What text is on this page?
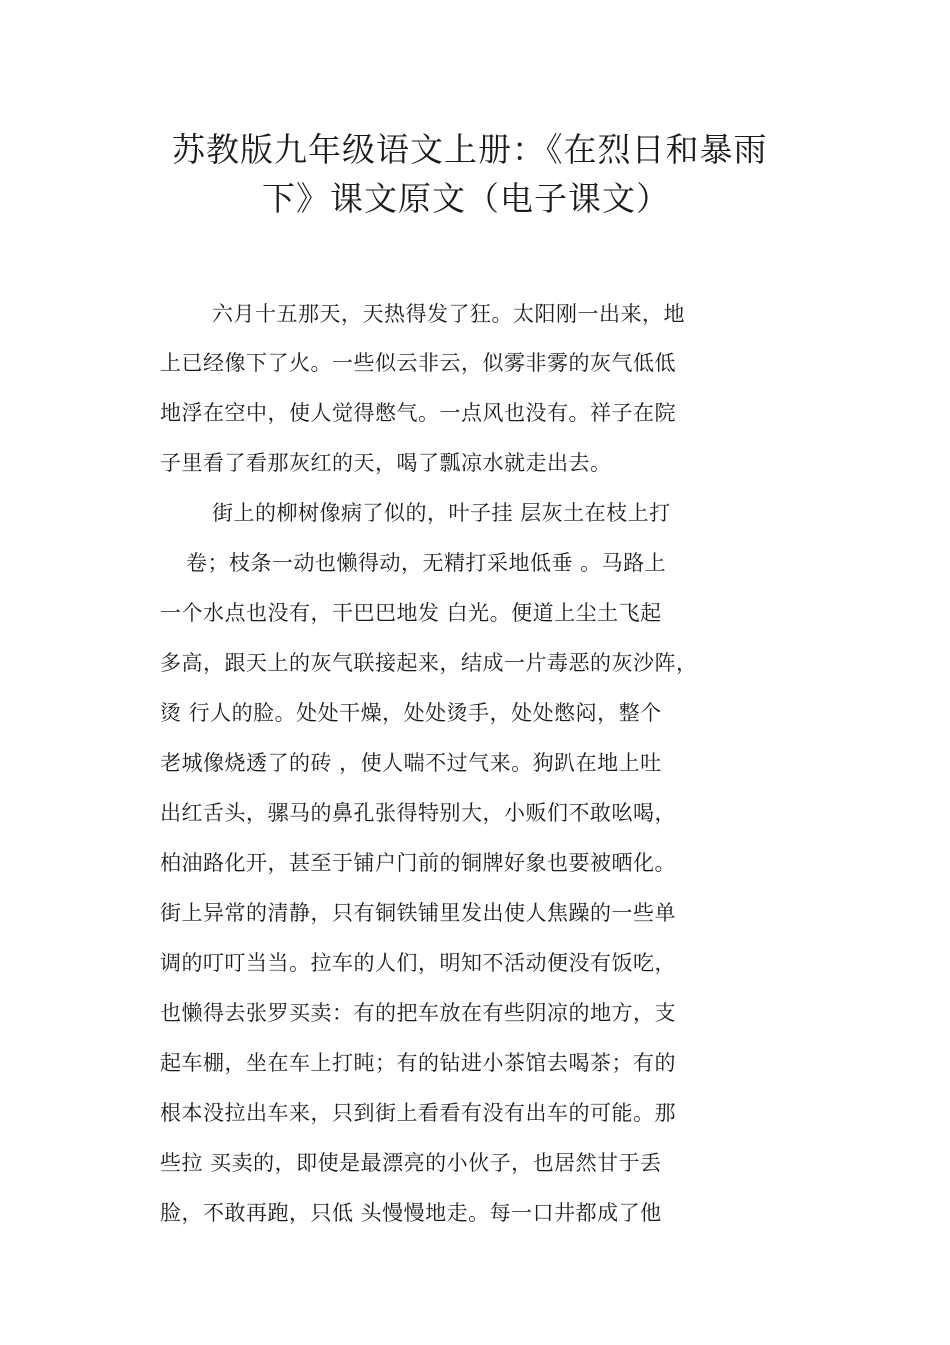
苏教版九年级语文上册：《在烈日和暴雨
下》课文原文（电子课文）
六月十五那天，天热得发了狂。太阳刚一出来，地
上已经像下了火。一些似云非云，似雾非雾的灰气低低
地浮在空中，使人觉得憋气。一点风也没有。祥子在院
子里看了看那灰红的天，喝了瓢凉水就走出去。
街上的柳树像病了似的，叶子挂 层灰土在枝上打
卷；枝条一动也懒得动，无精打采地低垂 。马路上
一个水点也没有，干巴巴地发 白光。便道上尘土飞起
多高，跟天上的灰气联接起来，结成一片毒恶的灰沙阵，
烫 行人的脸。处处干燥，处处烫手，处处憋闷，整个
老城像烧透了的砖 ，使人喘不过气来。狗趴在地上吐
出红舌头，骡马的鼻孔张得特别大，小贩们不敢吆喝，
柏油路化开，甚至于铺户门前的铜牌好象也要被晒化。
街上异常的清静，只有铜铁铺里发出使人焦躁的一些单
调的叮叮当当。拉车的人们，明知不活动便没有饭吃，
也懒得去张罗买卖：有的把车放在有些阴凉的地方，支
起车棚，坐在车上打盹；有的钻进小茶馆去喝茶；有的
根本没拉出车来，只到街上看看有没有出车的可能。那
些拉 买卖的，即使是最漂亮的小伙子，也居然甘于丢
脸，不敢再跑，只低 头慢慢地走。每一口井都成了他
